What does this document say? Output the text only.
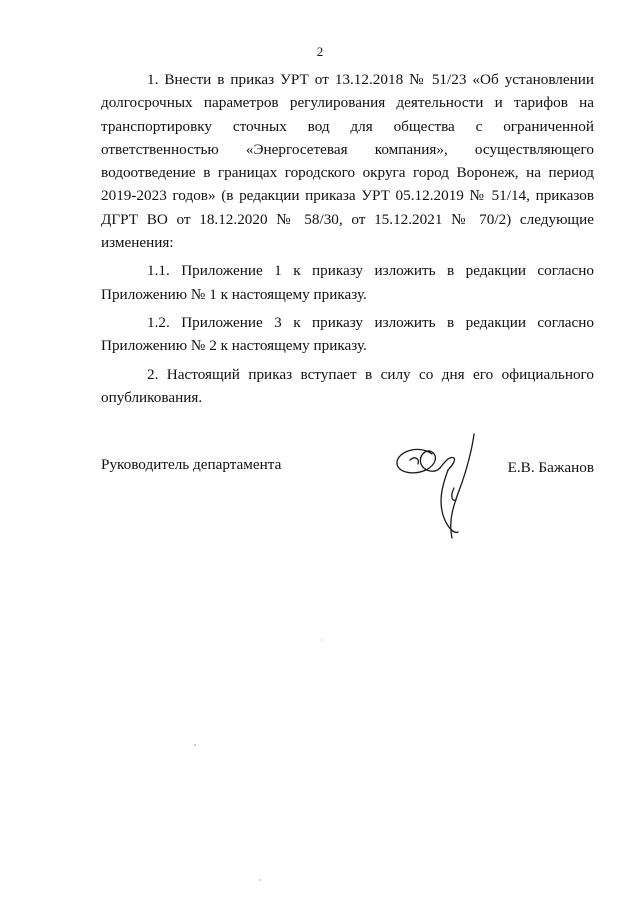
2

1. Внести в приказ УРТ от 13.12.2018 № 51/23 «Об установлении долгосрочных параметров регулирования деятельности и тарифов на транспортировку сточных вод для общества с ограниченной ответственностью «Энергосетевая компания», осуществляющего водоотведение в границах городского округа город Воронеж, на период 2019-2023 годов» (в редакции приказа УРТ 05.12.2019 № 51/14, приказов ДГРТ ВО от 18.12.2020 № 58/30, от 15.12.2021 № 70/2) следующие изменения:

1.1. Приложение 1 к приказу изложить в редакции согласно Приложению № 1 к настоящему приказу.

1.2. Приложение 3 к приказу изложить в редакции согласно Приложению № 2 к настоящему приказу.

2. Настоящий приказ вступает в силу со дня его официального опубликования.

Руководитель департамента	Е.В. Бажанов
